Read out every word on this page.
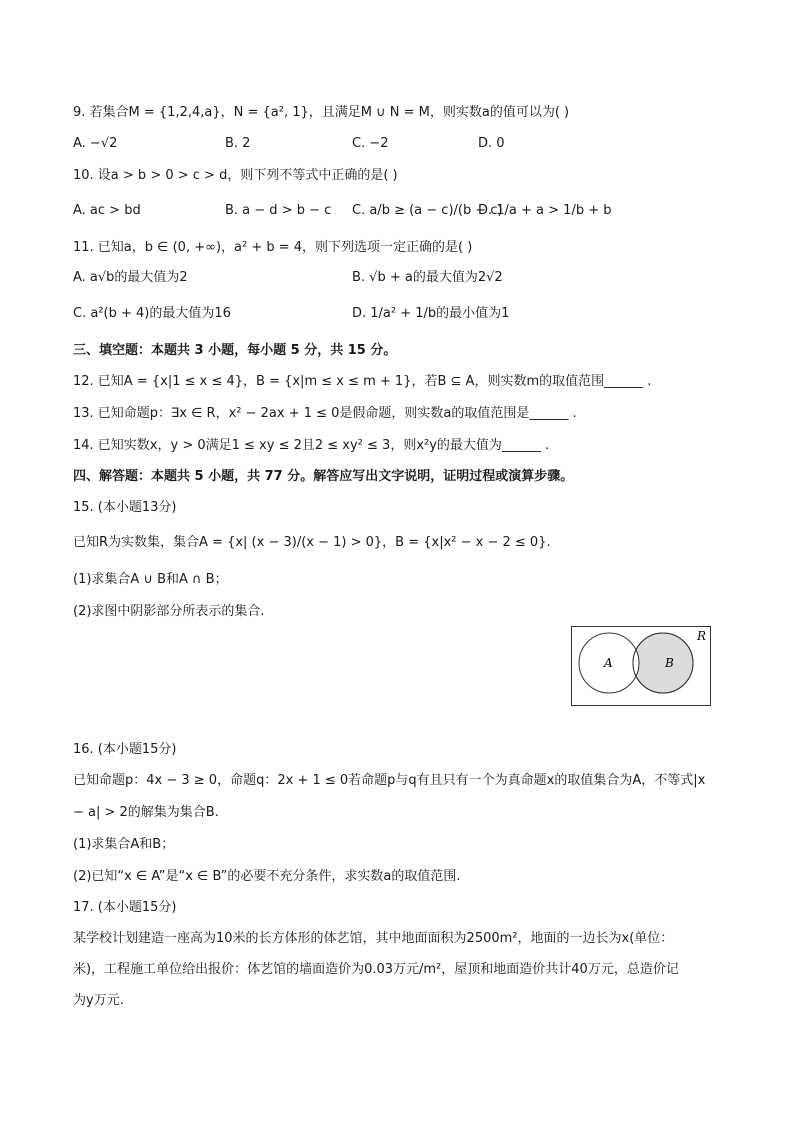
9. 若集合M = {1,2,4,a}，N = {a², 1}，且满足M ∪ N = M，则实数a的值可以为( )
A. −√2	B. 2	C. −2	D. 0
10. 设a > b > 0 > c > d，则下列不等式中正确的是( )
A. ac > bd	B. a − d > b − c C. a/b ≥ (a − c)/(b − c)
D. 1/a + a > 1/b + b
11. 已知a，b ∈ (0, +∞)，a² + b = 4，则下列选项一定正确的是( )
A. a√b的最大值为2	B. √b + a的最大值为2√2
C. a²(b + 4)的最大值为16	D. 1/a² + 1/b的最小值为1
三、填空题：本题共 3 小题，每小题 5 分，共 15 分。
12. 已知A = {x|1 ≤ x ≤ 4}，B = {x|m ≤ x ≤ m + 1}，若B ⊆ A，则实数m的取值范围______ .
13. 已知命题p：∃x ∈ R，x² − 2ax + 1 ≤ 0是假命题，则实数a的取值范围是______ .
14. 已知实数x，y > 0满足1 ≤ xy ≤ 2且2 ≤ xy² ≤ 3，则x²y的最大值为______ .
四、解答题：本题共 5 小题，共 77 分。解答应写出文字说明，证明过程或演算步骤。
15. (本小题13分)
已知R为实数集，集合A = {x| (x − 3)/(x − 1) > 0}，B = {x|x² − x − 2 ≤ 0}.
(1)求集合A ∪ B和A ∩ B；
(2)求图中阴影部分所表示的集合.
R
A	B
16. (本小题15分)
已知命题p：4x − 3 ≥ 0，命题q：2x + 1 ≤ 0若命题p与q有且只有一个为真命题x的取值集合为A，不等式|x
− a| > 2的解集为集合B.
(1)求集合A和B；
(2)已知“x ∈ A”是“x ∈ B”的必要不充分条件，求实数a的取值范围.
17. (本小题15分)
某学校计划建造一座高为10米的长方体形的体艺馆，其中地面面积为2500m²，地面的一边长为x(单位：
米)，工程施工单位给出报价：体艺馆的墙面造价为0.03万元/m²，屋顶和地面造价共计40万元，总造价记
为y万元.
